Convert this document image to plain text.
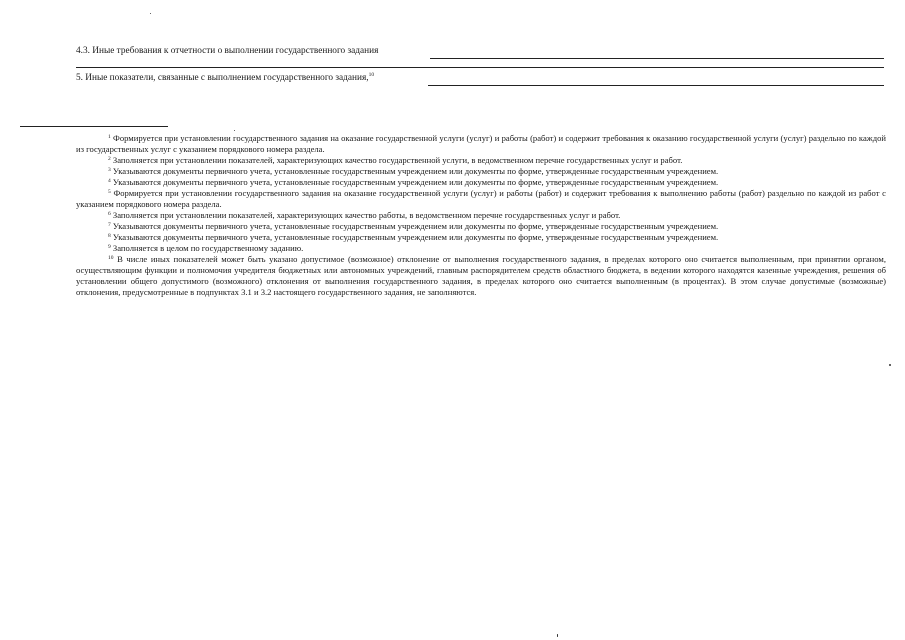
4.3. Иные требования к отчетности о выполнении государственного задания
5. Иные показатели, связанные с выполнением государственного задания,$^{10}$
$^1$ Формируется при установлении государственного задания на оказание государственной услуги (услуг) и работы (работ) и содержит требования к оказанию государственной услуги (услуг) раздельно по каждой из государственных услуг с указанием порядкового номера раздела.
$^2$ Заполняется при установлении показателей, характеризующих качество государственной услуги, в ведомственном перечне государственных услуг и работ.
$^3$ Указываются документы первичного учета, установленные государственным учреждением или документы по форме, утвержденные государственным учреждением.
$^4$ Указываются документы первичного учета, установленные государственным учреждением или документы по форме, утвержденные государственным учреждением.
$^5$ Формируется при установлении государственного задания на оказание государственной услуги (услуг) и работы (работ) и содержит требования к выполнению работы (работ) раздельно по каждой из работ с указанием порядкового номера раздела.
$^6$ Заполняется при установлении показателей, характеризующих качество работы, в ведомственном перечне государственных услуг и работ.
$^7$ Указываются документы первичного учета, установленные государственным учреждением или документы по форме, утвержденные государственным учреждением.
$^8$ Указываются документы первичного учета, установленные государственным учреждением или документы по форме, утвержденные государственным учреждением.
$^9$ Заполняется в целом по государственному заданию.
$^{10}$ В числе иных показателей может быть указано допустимое (возможное) отклонение от выполнения государственного задания, в пределах которого оно считается выполненным, при принятии органом, осуществляющим функции и полномочия учредителя бюджетных или автономных учреждений, главным распорядителем средств областного бюджета, в ведении которого находятся казенные учреждения, решения об установлении общего допустимого (возможного) отклонения от выполнения государственного задания, в пределах которого оно считается выполненным (в процентах). В этом случае допустимые (возможные) отклонения, предусмотренные в подпунктах 3.1 и 3.2 настоящего государственного задания, не заполняются.
